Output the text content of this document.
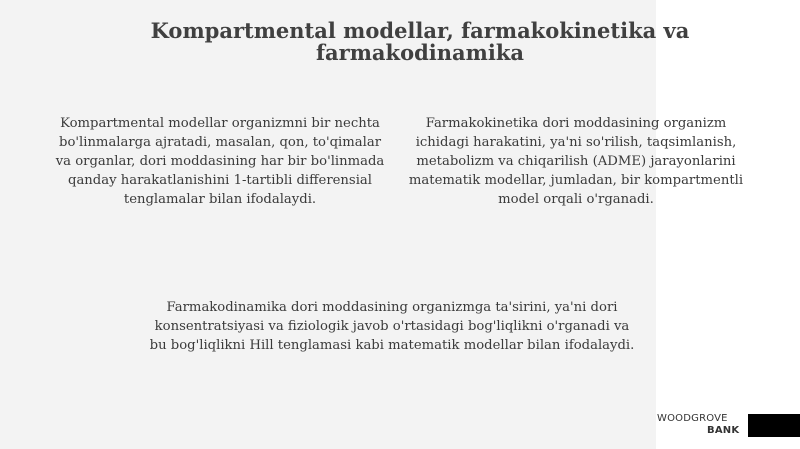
Kompartmental modellar, farmakokinetika va farmakodinamika

Kompartmental modellar organizmni bir nechta bo'linmalarga ajratadi, masalan, qon, to'qimalar va organlar, dori moddasining har bir bo'linmada qanday harakatlanishini 1-tartibli differensial tenglamalar bilan ifodalaydi.

Farmakokinetika dori moddasining organizm ichidagi harakatini, ya'ni so'rilish, taqsimlanish, metabolizm va chiqarilish (ADME) jarayonlarini matematik modellar, jumladan, bir kompartmentli model orqali o'rganadi.

Farmakodinamika dori moddasining organizmga ta'sirini, ya'ni dori konsentratsiyasi va fiziologik javob o'rtasidagi bog'liqlikni o'rganadi va bu bog'liqlikni Hill tenglamasi kabi matematik modellar bilan ifodalaydi.

WOODGROVE
BANK
